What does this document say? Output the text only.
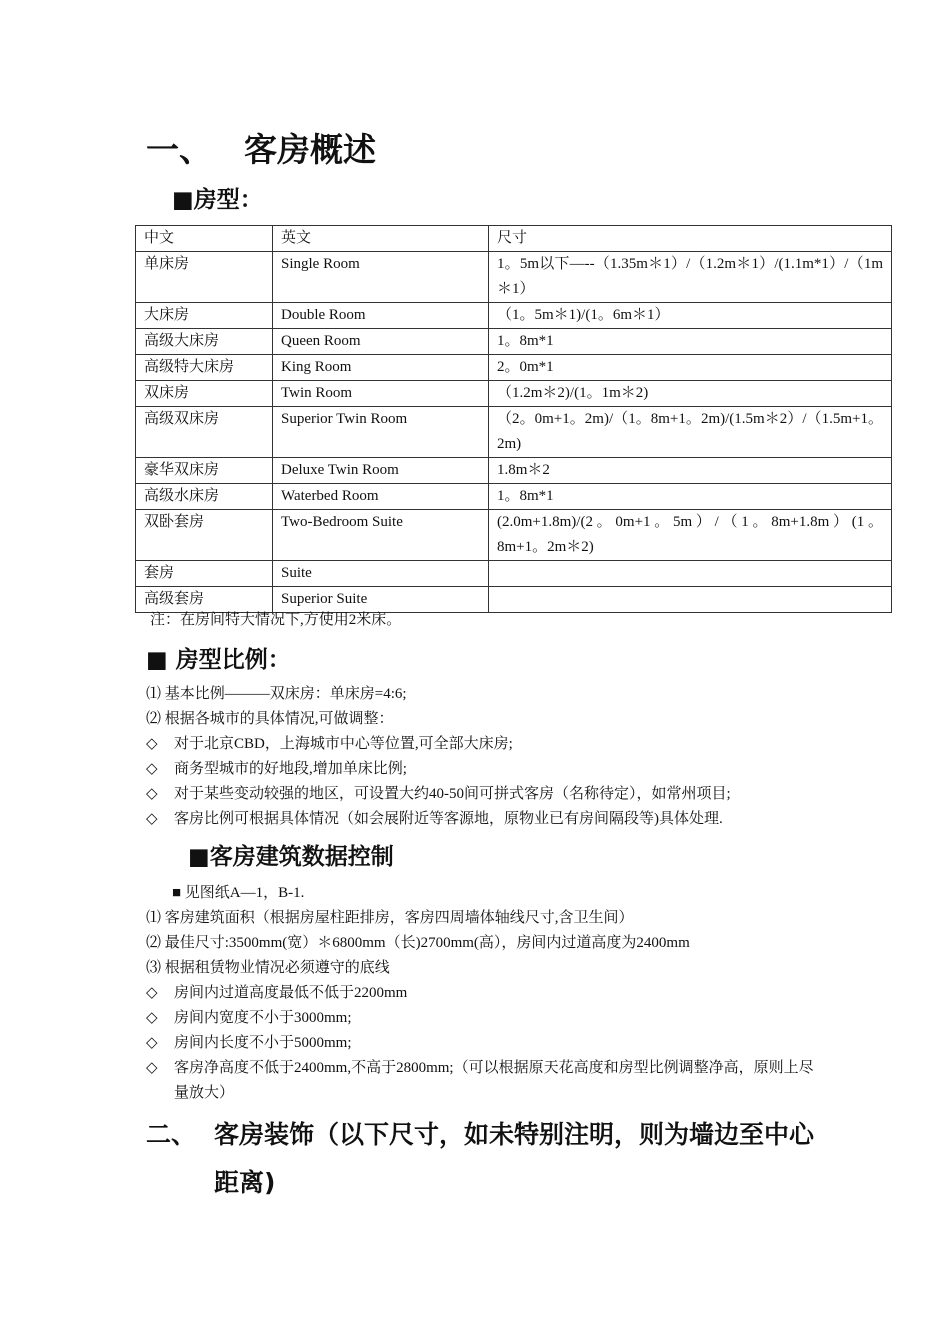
一、 客房概述
■房型：
中文	英文	尺寸
单床房	Single Room	1。5m以下—--（1.35m＊1）/（1.2m＊1）/(1.1m*1）/（1m＊1）
大床房	Double Room	（1。5m＊1)/(1。6m＊1）
高级大床房	Queen Room	1。8m*1
高级特大床房	King Room	2。0m*1
双床房	Twin Room	（1.2m＊2)/(1。1m＊2)
高级双床房	Superior Twin Room	（2。0m+1。2m)/（1。8m+1。2m)/(1.5m＊2）/（1.5m+1。2m)
豪华双床房	Deluxe Twin Room	1.8m＊2
高级水床房	Waterbed Room	1。8m*1
双卧套房	Two-Bedroom Suite	(2.0m+1.8m)/(2。0m+1。5m）/（1。8m+1.8m）(1。8m+1。2m＊2)
套房	Suite	
高级套房	Superior Suite	
注：在房间特大情况下,方使用2米床。
■ 房型比例：
⑴ 基本比例———双床房：单床房=4:6;
⑵ 根据各城市的具体情况,可做调整：
◇ 对于北京CBD，上海城市中心等位置,可全部大床房;
◇ 商务型城市的好地段,增加单床比例;
◇ 对于某些变动较强的地区，可设置大约40-50间可拼式客房（名称待定），如常州项目;
◇ 客房比例可根据具体情况（如会展附近等客源地，原物业已有房间隔段等)具体处理.
■客房建筑数据控制
■ 见图纸A—1，B-1.
⑴ 客房建筑面积（根据房屋柱距排房，客房四周墙体轴线尺寸,含卫生间）
⑵ 最佳尺寸:3500mm(宽）＊6800mm（长)2700mm(高），房间内过道高度为2400mm
⑶ 根据租赁物业情况必须遵守的底线
◇ 房间内过道高度最低不低于2200mm
◇ 房间内宽度不小于3000mm;
◇ 房间内长度不小于5000mm;
◇ 客房净高度不低于2400mm,不高于2800mm;（可以根据原天花高度和房型比例调整净高，原则上尽量放大）
二、 客房装饰（以下尺寸，如未特别注明，则为墙边至中心距离)
